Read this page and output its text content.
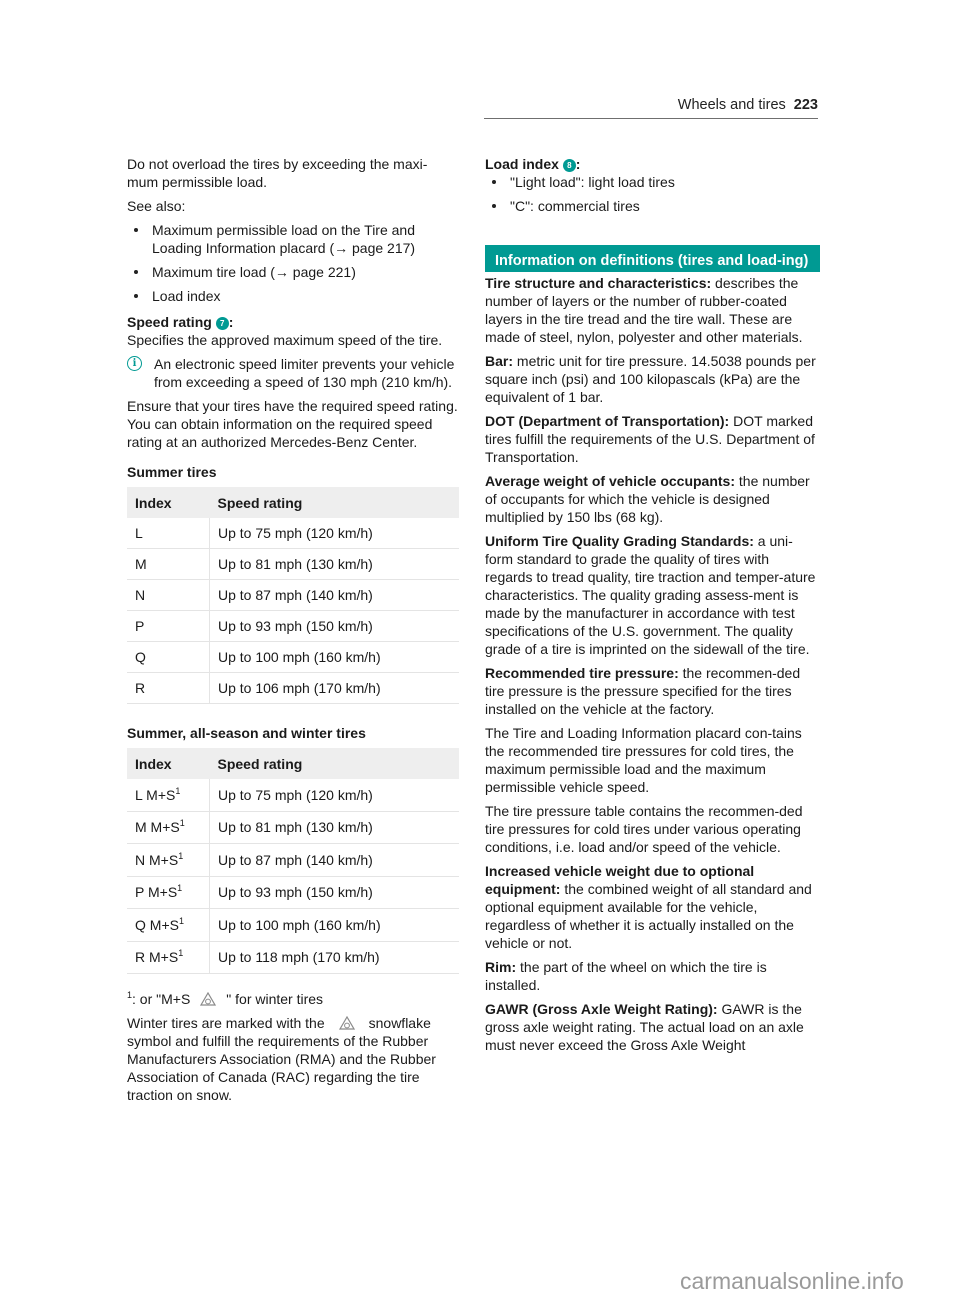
Wheels and tires 223

Do not overload the tires by exceeding the maxi-
mum permissible load.

See also:

Maximum permissible load on the Tire and Loading Information placard (→ page 217)
Maximum tire load (→ page 221)
Load index

Speed rating 7 :

Specifies the approved maximum speed of the tire.

i	An electronic speed limiter prevents your vehicle from exceeding a speed of 130 mph (210 km/h).

Ensure that your tires have the required speed rating. You can obtain information on the required speed rating at an authorized Mercedes-Benz Center.

Summer tires

Index	Speed rating
L	Up to 75 mph (120 km/h)
M	Up to 81 mph (130 km/h)
N	Up to 87 mph (140 km/h)
P	Up to 93 mph (150 km/h)
Q	Up to 100 mph (160 km/h)
R	Up to 106 mph (170 km/h)

Summer, all-season and winter tires

Index	Speed rating
L $M+S^1$	Up to 75 mph (120 km/h)
M $M+S^1$	Up to 81 mph (130 km/h)
N $M+S^1$	Up to 87 mph (140 km/h)
P $M+S^1$	Up to 93 mph (150 km/h)
Q $M+S^1$	Up to 100 mph (160 km/h)
R $M+S^1$	Up to 118 mph (170 km/h)

$^1$: or "M+S	" for winter tires

Winter tires are marked with the	snowflake symbol and fulfill the requirements of the Rubber Manufacturers Association (RMA) and the Rubber Association of Canada (RAC) regarding the tire traction on snow.

Load index 8 :

"Light load": light load tires
"C": commercial tires
Information on definitions (tires and load-ing)

Tire structure and characteristics: describes the number of layers or the number of rubber-coated layers in the tire tread and the tire wall. These are made of steel, nylon, polyester and other materials.

Bar: metric unit for tire pressure. 14.5038 pounds per square inch (psi) and 100 kilopascals (kPa) are the equivalent of 1 bar.

DOT (Department of Transportation): DOT marked tires fulfill the requirements of the U.S. Department of Transportation.

Average weight of vehicle occupants: the number of occupants for which the vehicle is designed multiplied by 150 lbs (68 kg).

Uniform Tire Quality Grading Standards: a uni-form standard to grade the quality of tires with regards to tread quality, tire traction and temper-ature characteristics. The quality grading assess-ment is made by the manufacturer in accordance with test specifications of the U.S. government. The quality grade of a tire is imprinted on the sidewall of the tire.

Recommended tire pressure: the recommen-ded tire pressure is the pressure specified for the tires installed on the vehicle at the factory.

The Tire and Loading Information placard con-tains the recommended tire pressures for cold tires, the maximum permissible load and the maximum permissible vehicle speed.

The tire pressure table contains the recommen-ded tire pressures for cold tires under various operating conditions, i.e. load and/or speed of the vehicle.

Increased vehicle weight due to optional equipment: the combined weight of all standard and optional equipment available for the vehicle, regardless of whether it is actually installed on the vehicle or not.

Rim: the part of the wheel on which the tire is installed.

GAWR (Gross Axle Weight Rating): GAWR is the gross axle weight rating. The actual load on an axle must never exceed the Gross Axle Weight

carmanualsonline.info
